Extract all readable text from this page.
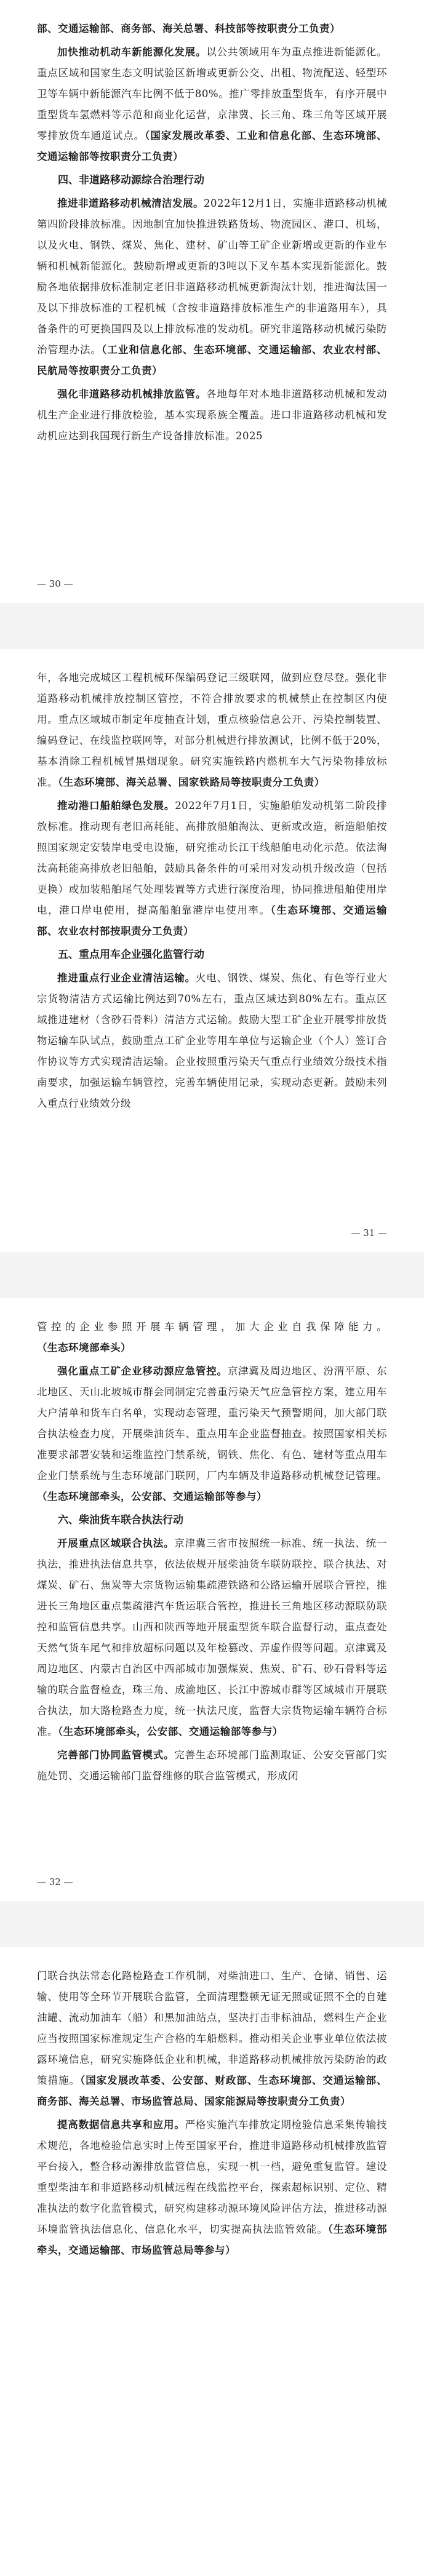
部、交通运输部、商务部、海关总署、科技部等按职责分工负责）

加快推动机动车新能源化发展。以公共领域用车为重点推进新能源化。重点区域和国家生态文明试验区新增或更新公交、出租、物流配送、轻型环卫等车辆中新能源汽车比例不低于80%。推广零排放重型货车，有序开展中重型货车氢燃料等示范和商业化运营，京津冀、长三角、珠三角等区域开展零排放货车通道试点。（国家发展改革委、工业和信息化部、生态环境部、交通运输部等按职责分工负责）

四、非道路移动源综合治理行动

推进非道路移动机械清洁发展。2022年12月1日，实施非道路移动机械第四阶段排放标准。因地制宜加快推进铁路货场、物流园区、港口、机场，以及火电、钢铁、煤炭、焦化、建材、矿山等工矿企业新增或更新的作业车辆和机械新能源化。鼓励新增或更新的3吨以下叉车基本实现新能源化。鼓励各地依据排放标准制定老旧非道路移动机械更新淘汰计划，推进淘汰国一及以下排放标准的工程机械（含按非道路排放标准生产的非道路用车），具备条件的可更换国四及以上排放标准的发动机。研究非道路移动机械污染防治管理办法。（工业和信息化部、生态环境部、交通运输部、农业农村部、民航局等按职责分工负责）

强化非道路移动机械排放监管。各地每年对本地非道路移动机械和发动机生产企业进行排放检验，基本实现系族全覆盖。进口非道路移动机械和发动机应达到我国现行新生产设备排放标准。2025

— 30 —

年，各地完成城区工程机械环保编码登记三级联网，做到应登尽登。强化非道路移动机械排放控制区管控，不符合排放要求的机械禁止在控制区内使用。重点区域城市制定年度抽查计划，重点核验信息公开、污染控制装置、编码登记、在线监控联网等，对部分机械进行排放测试，比例不低于20%，基本消除工程机械冒黑烟现象。研究实施铁路内燃机车大气污染物排放标准。（生态环境部、海关总署、国家铁路局等按职责分工负责）

推动港口船舶绿色发展。2022年7月1日，实施船舶发动机第二阶段排放标准。推动现有老旧高耗能、高排放船舶淘汰、更新或改造，新造船舶按照国家规定安装岸电受电设施，研究推动长江干线船舶电动化示范。依法淘汰高耗能高排放老旧船舶，鼓励具备条件的可采用对发动机升级改造（包括更换）或加装船舶尾气处理装置等方式进行深度治理，协同推进船舶使用岸电，港口岸电使用，提高船舶靠港岸电使用率。（生态环境部、交通运输部、农业农村部按职责分工负责）

五、重点用车企业强化监管行动

推进重点行业企业清洁运输。火电、钢铁、煤炭、焦化、有色等行业大宗货物清洁方式运输比例达到70%左右，重点区域达到80%左右。重点区域推进建材（含砂石骨料）清洁方式运输。鼓励大型工矿企业开展零排放货物运输车队试点，鼓励重点工矿企业等用车单位与运输企业（个人）签订合作协议等方式实现清洁运输。企业按照重污染天气重点行业绩效分级技术指南要求，加强运输车辆管控，完善车辆使用记录，实现动态更新。鼓励未列入重点行业绩效分级

— 31 —

管控的企业参照开展车辆管理，加大企业自我保障能力。（生态环境部牵头）

强化重点工矿企业移动源应急管控。京津冀及周边地区、汾渭平原、东北地区、天山北坡城市群会同制定完善重污染天气应急管控方案，建立用车大户清单和货车白名单，实现动态管理，重污染天气预警期间，加大部门联合执法检查力度，开展柴油货车、重点用车企业监督抽查。按照国家相关标准要求部署安装和运维监控门禁系统，钢铁、焦化、有色、建材等重点用车企业门禁系统与生态环境部门联网，厂内车辆及非道路移动机械登记管理。（生态环境部牵头，公安部、交通运输部等参与）

六、柴油货车联合执法行动

开展重点区域联合执法。京津冀三省市按照统一标准、统一执法、统一执法，推进执法信息共享，依法依规开展柴油货车联防联控、联合执法、对煤炭、矿石、焦炭等大宗货物运输集疏港铁路和公路运输开展联合管控，推进长三角地区重点集疏港汽车货运联合管控，推进长三角地区移动源联防联控和监管信息共享。山西和陕西等地开展重型货车联合监督行动，重点查处天然气货车尾气和排放超标问题以及年检篡改、弄虚作假等问题。京津冀及周边地区、内蒙古自治区中西部城市加强煤炭、焦炭、矿石、砂石骨料等运输的联合监督检查，珠三角、成渝地区、长江中游城市群等区域城市开展联合执法，加大路检路查力度，统一执法尺度，监督大宗货物运输车辆符合标准。（生态环境部牵头，公安部、交通运输部等参与）

完善部门协同监管模式。完善生态环境部门监测取证、公安交管部门实施处罚、交通运输部门监督维修的联合监管模式，形成闭

— 32 —

门联合执法常态化路检路查工作机制，对柴油进口、生产、仓储、销售、运输、使用等全环节开展联合监管，全面清理整顿无证无照或证照不全的自建油罐、流动加油车（船）和黑加油站点，坚决打击非标油品，燃料生产企业应当按照国家标准规定生产合格的车船燃料。推动相关企业事业单位依法披露环境信息，研究实施降低企业和机械，非道路移动机械排放污染防治的政策措施。（国家发展改革委、公安部、财政部、生态环境部、交通运输部、商务部、海关总署、市场监管总局、国家能源局等按职责分工负责）

提高数据信息共享和应用。严格实施汽车排放定期检验信息采集传输技术规范，各地检验信息实时上传至国家平台，推进非道路移动机械排放监管平台接入，整合移动源排放监管信息，实现一机一档，避免重复监管。建设重型柴油车和非道路移动机械远程在线监控平台，探索超标识别、定位、精准执法的数字化监管模式，研究构建移动源环境风险评估方法，推进移动源环境监管执法信息化、信息化水平，切实提高执法监管效能。（生态环境部牵头，交通运输部、市场监管总局等参与）
